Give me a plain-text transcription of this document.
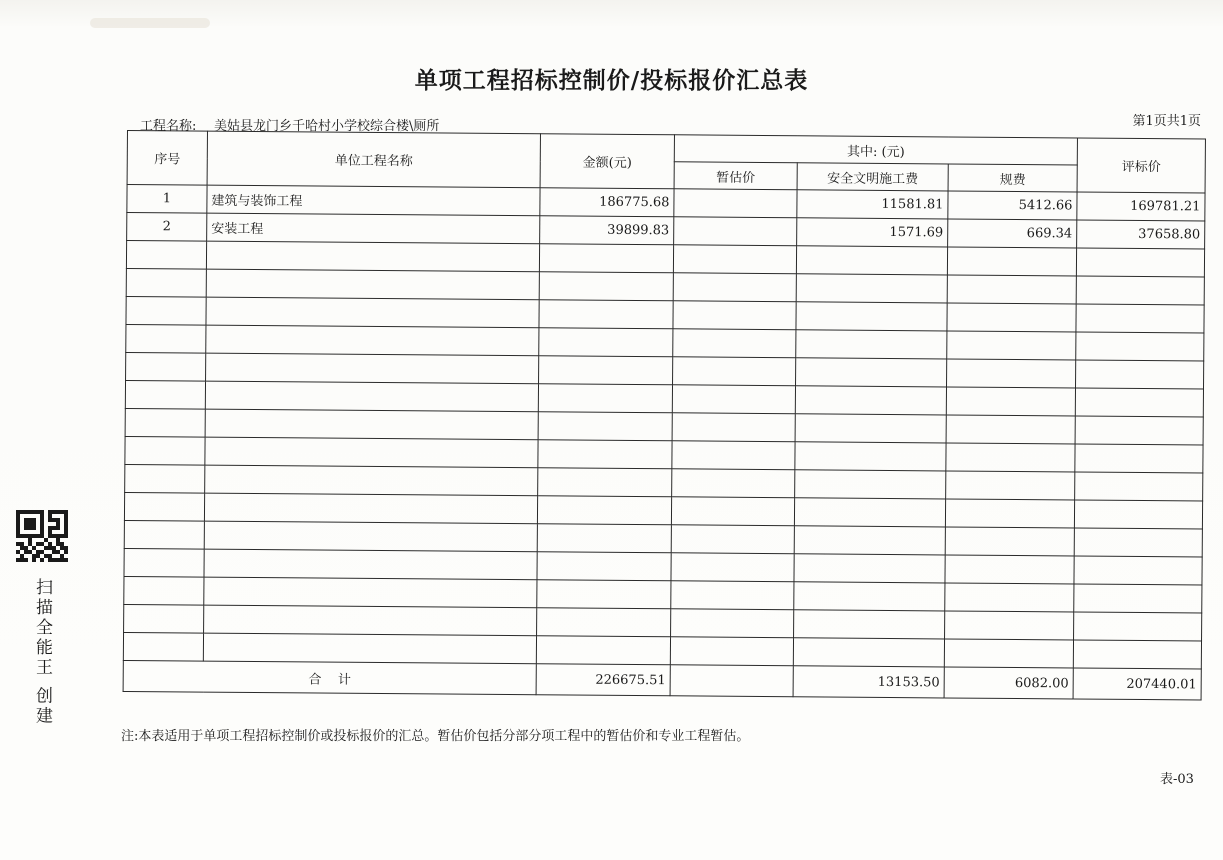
单项工程招标控制价/投标报价汇总表
工程名称: 美姑县龙门乡千哈村小学校综合楼\厕所	第1页共1页
序号	单位工程名称	金额(元)	其中: (元)			评标价
			暂估价	安全文明施工费	规费	
1	建筑与装饰工程	186775.68		11581.81	5412.66	169781.21
2	安装工程	39899.83		1571.69	669.34	37658.80

合    计		226675.51		13153.50	6082.00	207440.01
注:本表适用于单项工程招标控制价或投标报价的汇总。暂估价包括分部分项工程中的暂估价和专业工程暂估。
表-03
扫描全能王 创建
